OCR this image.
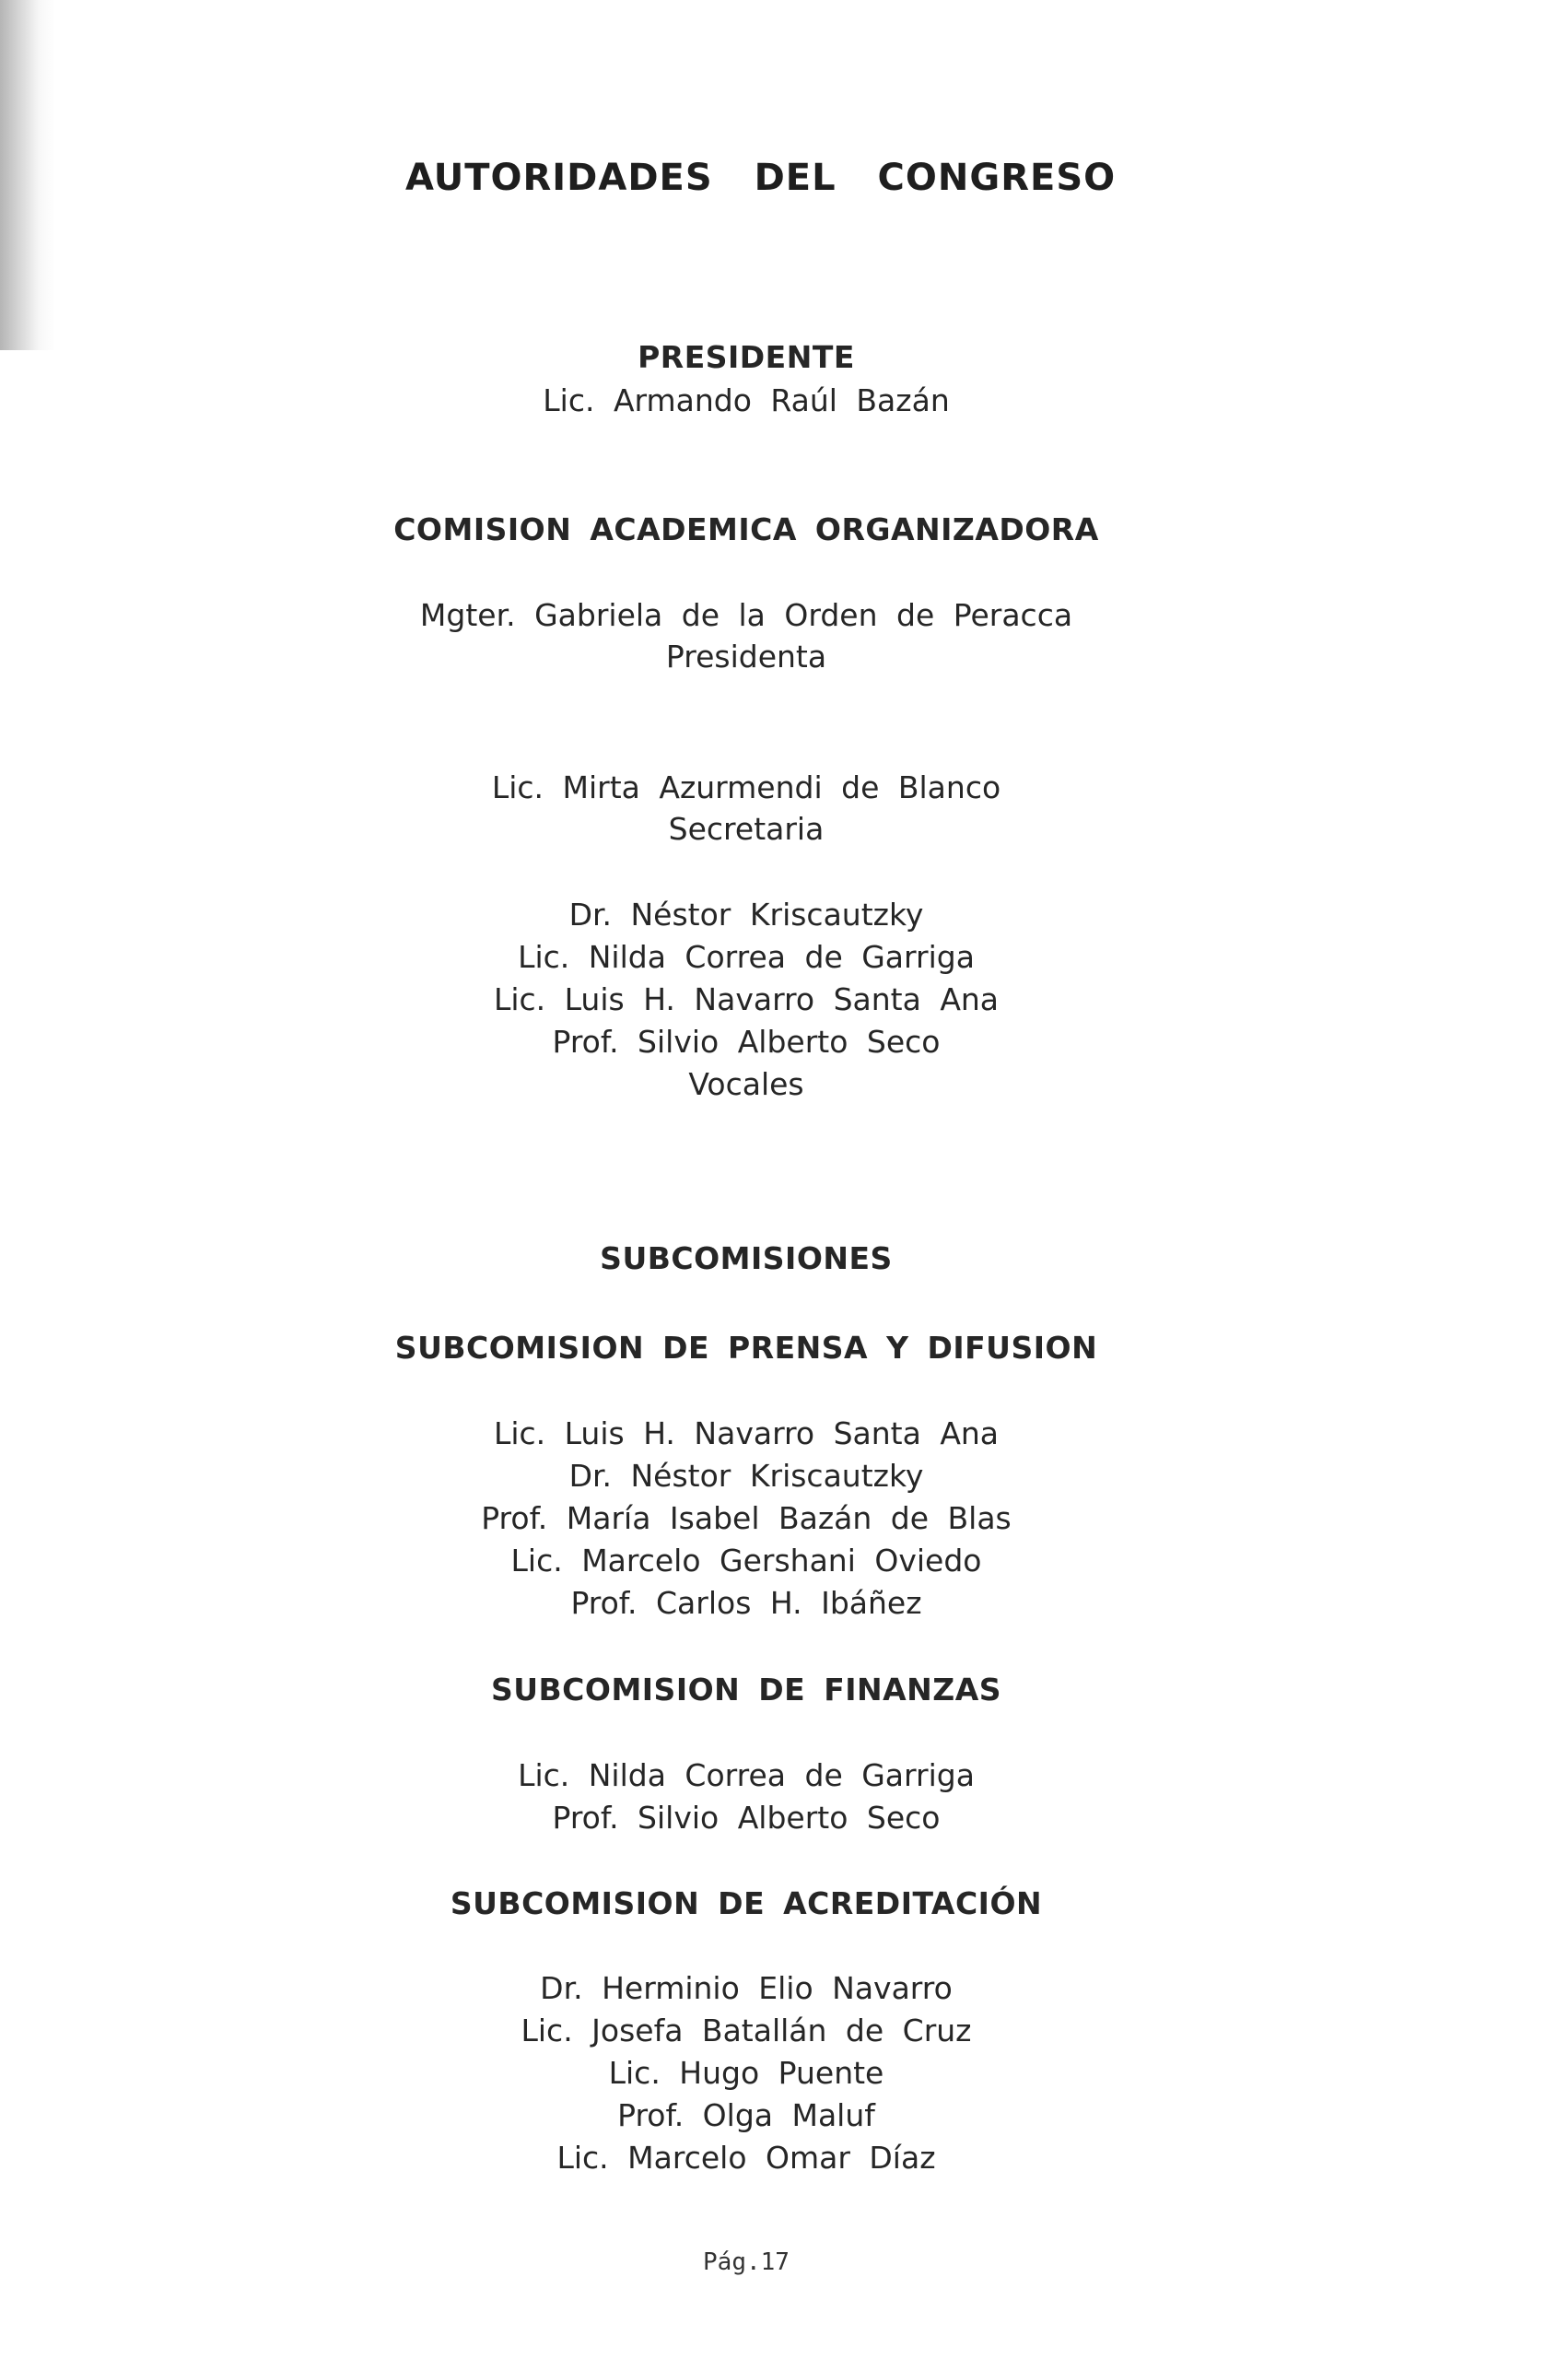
AUTORIDADES DEL CONGRESO
PRESIDENTE
Lic. Armando Raúl Bazán
COMISION ACADEMICA ORGANIZADORA
Mgter. Gabriela de la Orden de Peracca
Presidenta
Lic. Mirta Azurmendi de Blanco
Secretaria
Dr. Néstor Kriscautzky
Lic. Nilda Correa de Garriga
Lic. Luis H. Navarro Santa Ana
Prof. Silvio Alberto Seco
Vocales
SUBCOMISIONES
SUBCOMISION DE PRENSA Y DIFUSION
Lic. Luis H. Navarro Santa Ana
Dr. Néstor Kriscautzky
Prof. María Isabel Bazán de Blas
Lic. Marcelo Gershani Oviedo
Prof. Carlos H. Ibáñez
SUBCOMISION DE FINANZAS
Lic. Nilda Correa de Garriga
Prof. Silvio Alberto Seco
SUBCOMISION DE ACREDITACIÓN
Dr. Herminio Elio Navarro
Lic. Josefa Batallán de Cruz
Lic. Hugo Puente
Prof. Olga Maluf
Lic. Marcelo Omar Díaz
Pág.17
